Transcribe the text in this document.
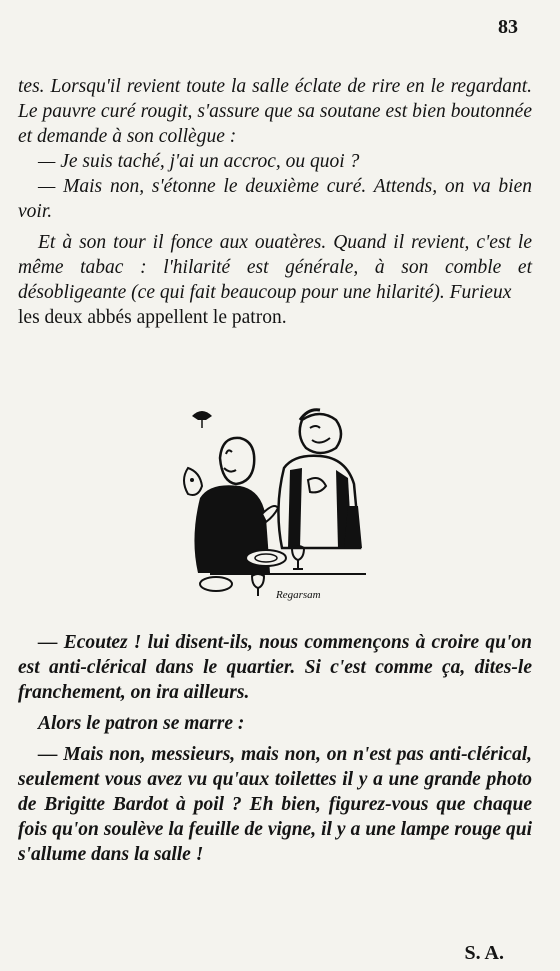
83

tes. Lorsqu'il revient toute la salle éclate de rire en le regardant. Le pauvre curé rougit, s'assure que sa soutane est bien boutonnée et demande à son collègue :

— Je suis taché, j'ai un accroc, ou quoi ?

— Mais non, s'étonne le deuxième curé. Attends, on va bien voir.

Et à son tour il fonce aux ouatères. Quand il revient, c'est le même tabac : l'hilarité est générale, à son comble et désobligeante (ce qui fait beaucoup pour une hilarité). Furieux

les deux abbés appellent le patron.

Regarsam

— Ecoutez ! lui disent-ils, nous commençons à croire qu'on est anti-clérical dans le quartier. Si c'est comme ça, dites-le franchement, on ira ailleurs.

Alors le patron se marre :

— Mais non, messieurs, mais non, on n'est pas anti-clérical, seulement vous avez vu qu'aux toilettes il y a une grande photo de Brigitte Bardot à poil ? Eh bien, figurez-vous que chaque fois qu'on soulève la feuille de vigne, il y a une lampe rouge qui s'allume dans la salle !

S. A.
